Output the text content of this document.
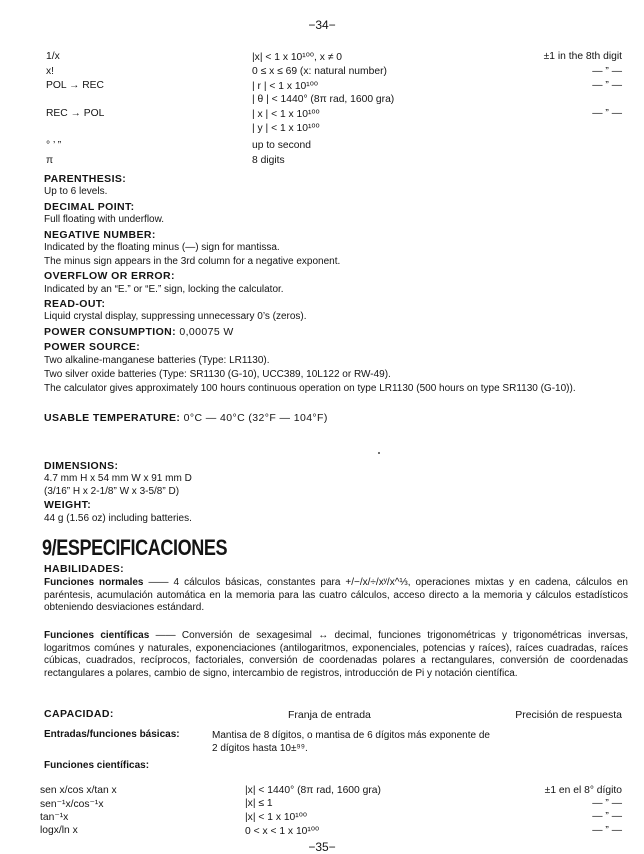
−34−
1/x	|x| < 1 x 10¹⁰⁰, x ≠ 0	±1 in the 8th digit
x!	0 ≤ x ≤ 69 (x: natural number)	— ” —
POL → REC	| r | < 1 x 10¹⁰⁰	— ” —
| θ | < 1440° (8π rad, 1600 gra)
REC → POL	| x | < 1 x 10¹⁰⁰	— ” —
| y | < 1 x 10¹⁰⁰
° ’ ”	up to second
π	8 digits
PARENTHESIS:
Up to 6 levels.
DECIMAL POINT:
Full floating with underflow.
NEGATIVE NUMBER:
Indicated by the floating minus (—) sign for mantissa.
The minus sign appears in the 3rd column for a negative exponent.
OVERFLOW OR ERROR:
Indicated by an “E.” or “E.” sign, locking the calculator.
READ-OUT:
Liquid crystal display, suppressing unnecessary 0’s (zeros).
POWER CONSUMPTION: 0,00075 W
POWER SOURCE:
Two alkaline-manganese batteries (Type: LR1130).
Two silver oxide batteries (Type: SR1130 (G-10), UCC389, 10L122 or RW-49).
The calculator gives approximately 100 hours continuous operation on type LR1130 (500 hours on type SR1130 (G-10)).
USABLE TEMPERATURE: 0°C — 40°C (32°F — 104°F)
DIMENSIONS:
4.7 mm H x 54 mm W x 91 mm D
(3/16” H x 2-1/8” W x 3-5/8” D)
WEIGHT:
44 g (1.56 oz) including batteries.
9/ESPECIFICACIONES
HABILIDADES:
Funciones normales —— 4 cálculos básicas, constantes para +/−/x/÷/xʸ/x^⅓, operaciones mixtas y en cadena, cálculos en paréntesis, acumulación automática en la memoria para las cuatro cálculos, acceso directo a la memoria y cálculos estadísticos obteniendo desviaciones estándard.
Funciones científicas —— Conversión de sexagesimal ↔ decimal, funciones trigonométricas y trigonométricas inversas, logaritmos comúnes y naturales, exponenciaciones (antilogaritmos, exponenciales, potencias y raíces), raíces cuadradas, raíces cúbicas, cuadrados, recíprocos, factoriales, conversión de coordenadas polares a rectangulares, conversión de coordenadas rectangulares a polares, cambio de signo, intercambio de registros, introducción de Pi y notación científica.
CAPACIDAD:	Franja de entrada	Precisión de respuesta
Entradas/funciones básicas:	Mantisa de 8 dígitos, o mantisa de 6 dígitos más exponente de
2 dígitos hasta 10±⁹⁹.
Funciones científicas:
sen x/cos x/tan x	|x| < 1440° (8π rad, 1600 gra)	±1 en el 8° dígito
sen⁻¹x/cos⁻¹x	|x| ≤ 1	— ” —
tan⁻¹x	|x| < 1 x 10¹⁰⁰	— ” —
logx/ln x	0 < x < 1 x 10¹⁰⁰	— ” —
−35−
